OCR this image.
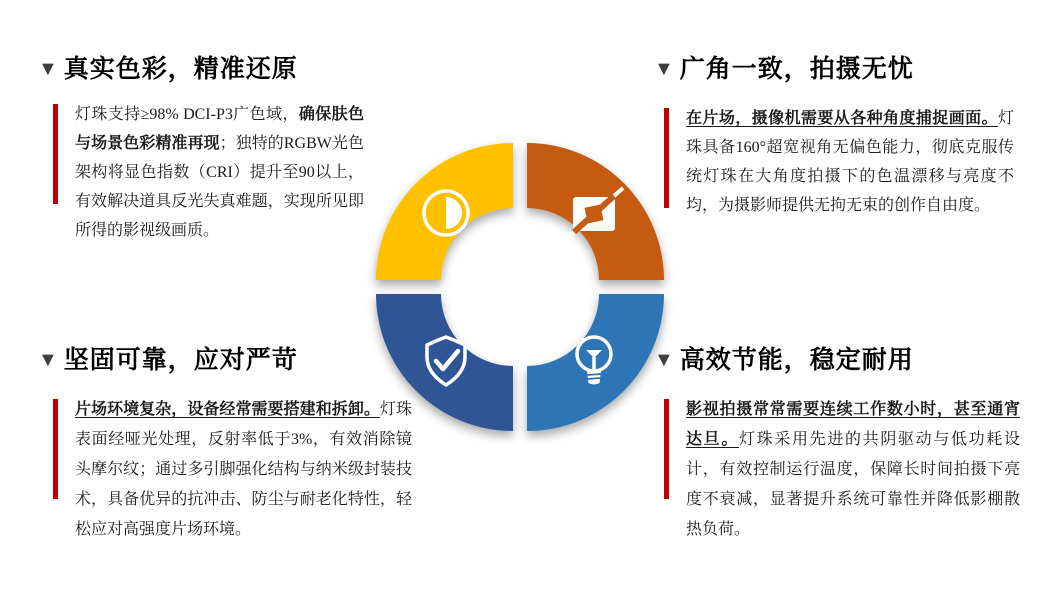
▼ 真实色彩，精准还原

灯珠支持≥98% DCI-P3广色域，确保肤色与场景色彩精准再现；独特的RGBW光色架构将显色指数（CRI）提升至90以上，有效解决道具反光失真难题，实现所见即所得的影视级画质。

▼ 广角一致，拍摄无忧

在片场，摄像机需要从各种角度捕捉画面。灯珠具备160°超宽视角无偏色能力，彻底克服传统灯珠在大角度拍摄下的色温漂移与亮度不均，为摄影师提供无拘无束的创作自由度。

▼ 坚固可靠，应对严苛

片场环境复杂，设备经常需要搭建和拆卸。灯珠表面经哑光处理，反射率低于3%，有效消除镜头摩尔纹；通过多引脚强化结构与纳米级封装技术，具备优异的抗冲击、防尘与耐老化特性，轻松应对高强度片场环境。

▼ 高效节能，稳定耐用

影视拍摄常常需要连续工作数小时，甚至通宵达旦。灯珠采用先进的共阴驱动与低功耗设计，有效控制运行温度，保障长时间拍摄下亮度不衰减，显著提升系统可靠性并降低影棚散热负荷。
